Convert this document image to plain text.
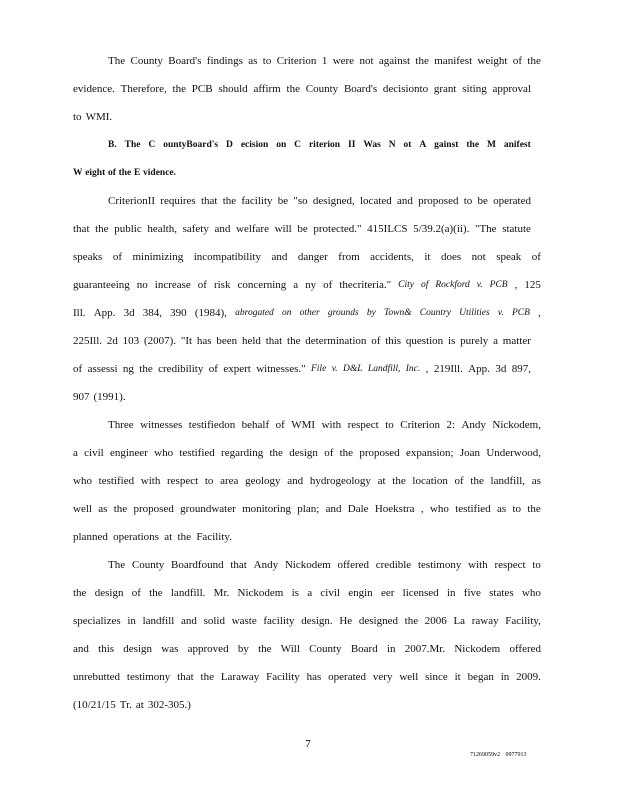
The County Board's findings as to Criterion 1 were not against the manifest weight of the
evidence. Therefore, the PCB should affirm the County Board's decisionto grant siting approval
to WMI.
B. The C ountyBoard's D ecision on C riterion II Was N ot A gainst the M anifest
W eight of the E vidence.
CriterionII requires that the facility be "so designed, located and proposed to be operated
that the public health, safety and welfare will be protected." 415ILCS 5/39.2(a)(ii). "The statute
speaks of minimizing incompatibility and danger from accidents, it does not speak of
guaranteeing no increase of risk concerning a ny of thecriteria." City of Rockford v. PCB , 125
Ill. App. 3d 384, 390 (1984), abrogated on other grounds by Town& Country Utilities v. PCB ,
225Ill. 2d 103 (2007). "It has been held that the determination of this question is purely a matter
of assessi ng the credibility of expert witnesses." File v. D&L Landfill, Inc. , 219Ill. App. 3d 897,
907 (1991).
Three witnesses testifiedon behalf of WMI with respect to Criterion 2: Andy Nickodem,
a civil engineer who testified regarding the design of the proposed expansion; Joan Underwood,
who testified with respect to area geology and hydrogeology at the location of the landfill, as
well as the proposed groundwater monitoring plan; and Dale Hoekstra , who testified as to the
planned operations at the Facility.
The County Boardfound that Andy Nickodem offered credible testimony with respect to
the design of the landfill. Mr. Nickodem is a civil engin eer licensed in five states who
specializes in landfill and solid waste facility design. He designed the 2006 La raway Facility,
and this design was approved by the Will County Board in 2007.Mr. Nickodem offered
unrebutted testimony that the Laraway Facility has operated very well since it began in 2009.
(10/21/15 Tr. at 302-305.)
7
71269059v2 0977913
